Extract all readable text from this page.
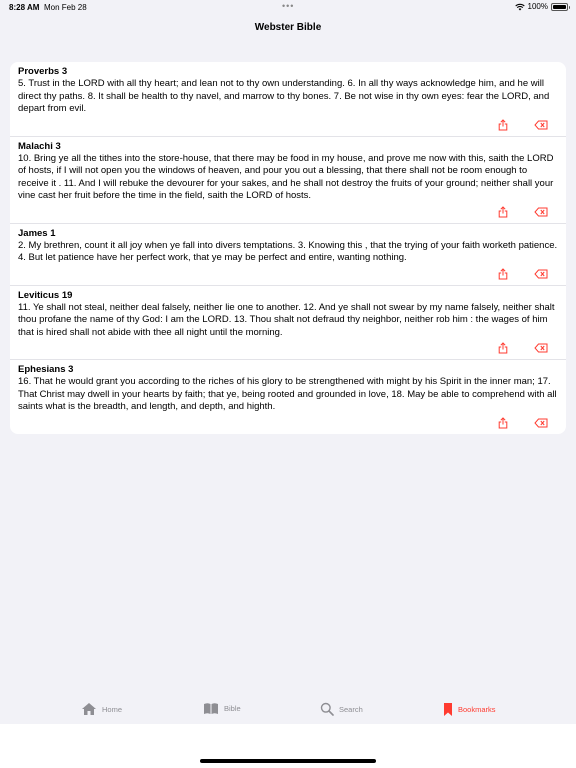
8:28 AM Mon Feb 28	•••	100%
Webster Bible
Proverbs 3
5. Trust in the LORD with all thy heart; and lean not to thy own understanding. 6. In all thy ways acknowledge him, and he will direct thy paths. 8. It shall be health to thy navel, and marrow to thy bones. 7. Be not wise in thy own eyes: fear the LORD, and depart from evil.
Malachi 3
10. Bring ye all the tithes into the store-house, that there may be food in my house, and prove me now with this, saith the LORD of hosts, if I will not open you the windows of heaven, and pour you out a blessing, that there shall not be room enough to receive it . 11. And I will rebuke the devourer for your sakes, and he shall not destroy the fruits of your ground; neither shall your vine cast her fruit before the time in the field, saith the LORD of hosts.
James 1
2. My brethren, count it all joy when ye fall into divers temptations. 3. Knowing this , that the trying of your faith worketh patience. 4. But let patience have her perfect work, that ye may be perfect and entire, wanting nothing.
Leviticus 19
11. Ye shall not steal, neither deal falsely, neither lie one to another. 12. And ye shall not swear by my name falsely, neither shalt thou profane the name of thy God: I am the LORD. 13. Thou shalt not defraud thy neighbor, neither rob him : the wages of him that is hired shall not abide with thee all night until the morning.
Ephesians 3
16. That he would grant you according to the riches of his glory to be strengthened with might by his Spirit in the inner man; 17. That Christ may dwell in your hearts by faith; that ye, being rooted and grounded in love, 18. May be able to comprehend with all saints what is the breadth, and length, and depth, and highth.
Home	Bible	Search	Bookmarks
